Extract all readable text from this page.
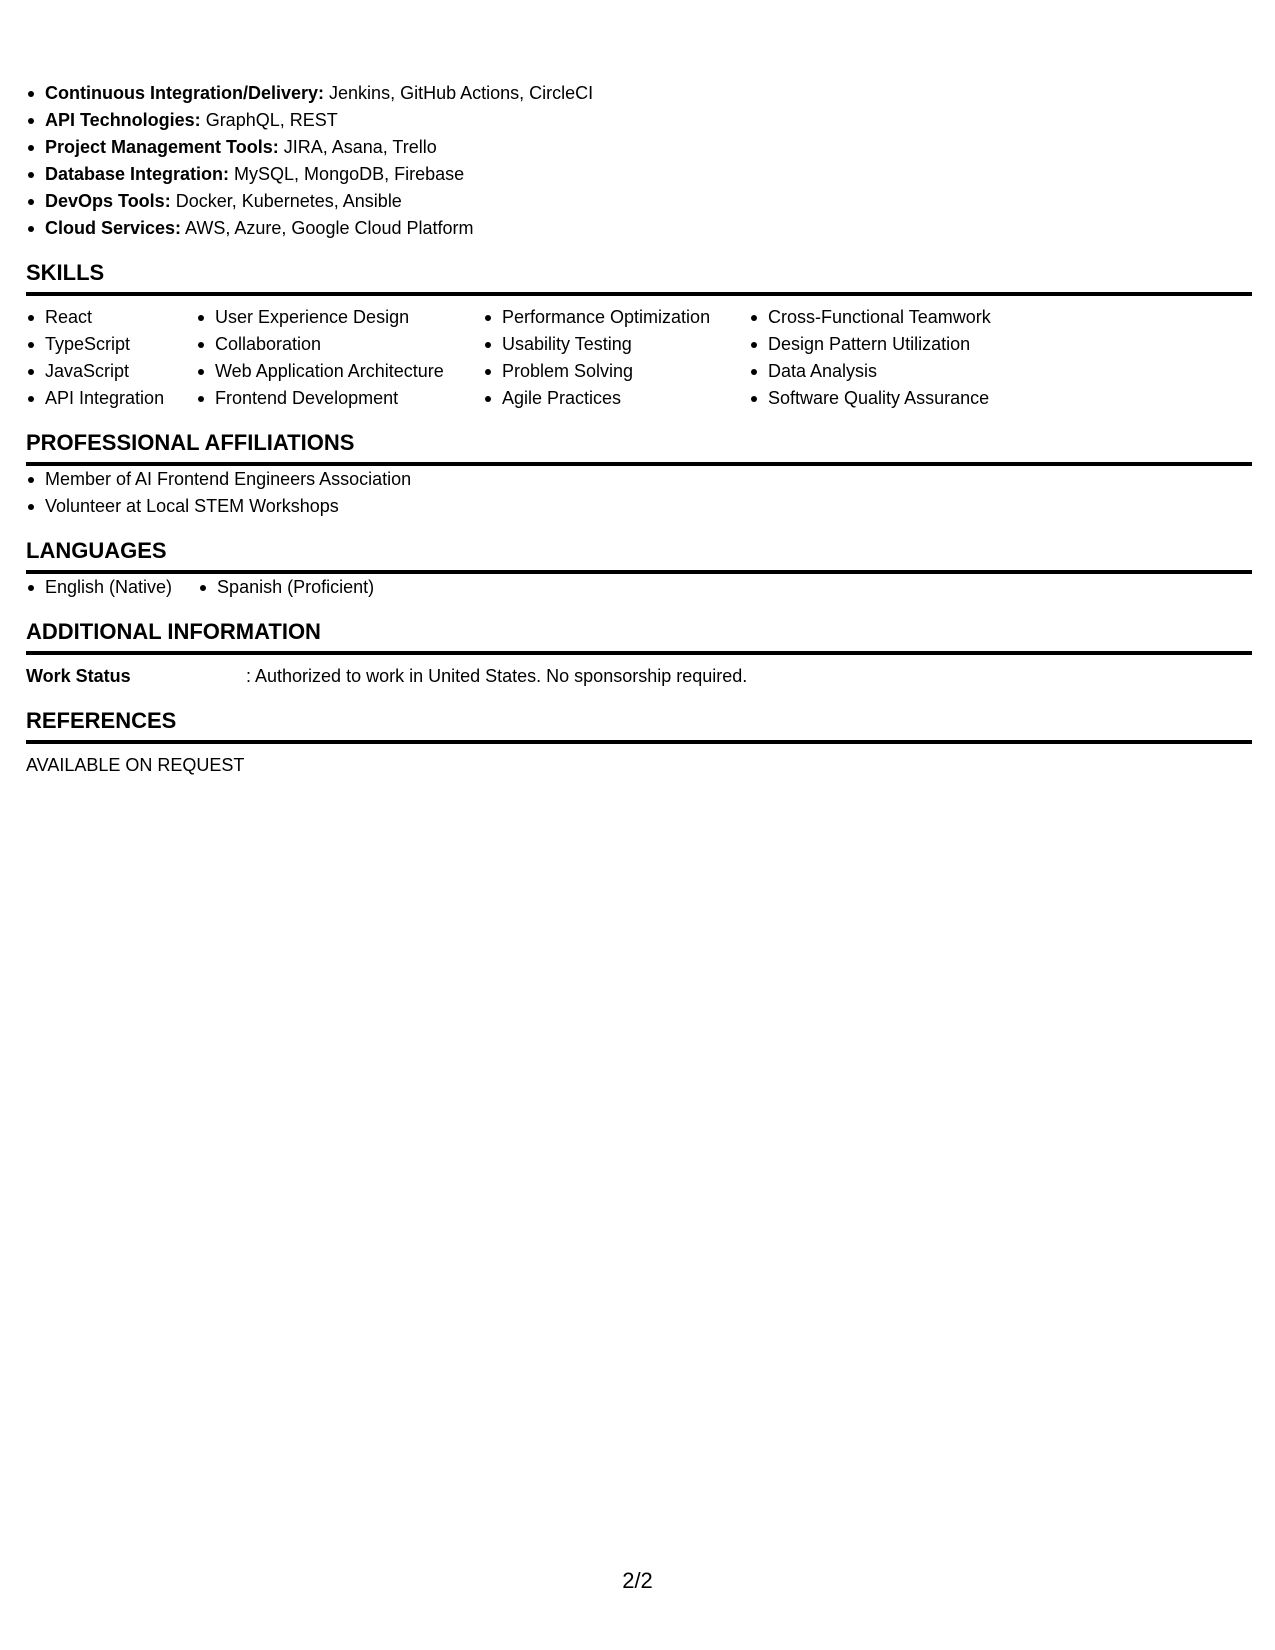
Continuous Integration/Delivery: Jenkins, GitHub Actions, CircleCI
API Technologies: GraphQL, REST
Project Management Tools: JIRA, Asana, Trello
Database Integration: MySQL, MongoDB, Firebase
DevOps Tools: Docker, Kubernetes, Ansible
Cloud Services: AWS, Azure, Google Cloud Platform
SKILLS
React
TypeScript
JavaScript
API Integration
User Experience Design
Collaboration
Web Application Architecture
Frontend Development
Performance Optimization
Usability Testing
Problem Solving
Agile Practices
Cross-Functional Teamwork
Design Pattern Utilization
Data Analysis
Software Quality Assurance
PROFESSIONAL AFFILIATIONS
Member of AI Frontend Engineers Association
Volunteer at Local STEM Workshops
LANGUAGES
English (Native)	Spanish (Proficient)
ADDITIONAL INFORMATION
Work Status	: Authorized to work in United States. No sponsorship required.
REFERENCES
AVAILABLE ON REQUEST
2/2
